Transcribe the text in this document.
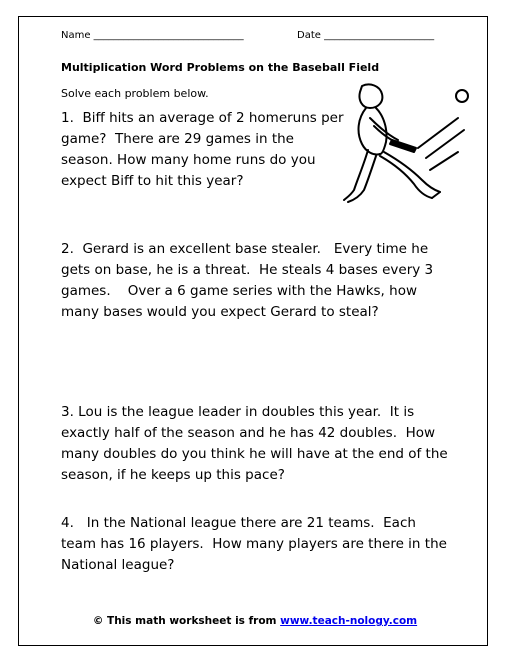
Name ______________________________	Date ______________________
Multiplication Word Problems on the Baseball Field
Solve each problem below.

1.  Biff hits an average of 2 homeruns per
game?  There are 29 games in the
season. How many home runs do you
expect Biff to hit this year?

2.  Gerard is an excellent base stealer.   Every time he
gets on base, he is a threat.  He steals 4 bases every 3
games.    Over a 6 game series with the Hawks, how
many bases would you expect Gerard to steal?

3. Lou is the league leader in doubles this year.  It is
exactly half of the season and he has 42 doubles.  How
many doubles do you think he will have at the end of the
season, if he keeps up this pace?

4.   In the National league there are 21 teams.  Each
team has 16 players.  How many players are there in the
National league?

© This math worksheet is from www.teach-nology.com
